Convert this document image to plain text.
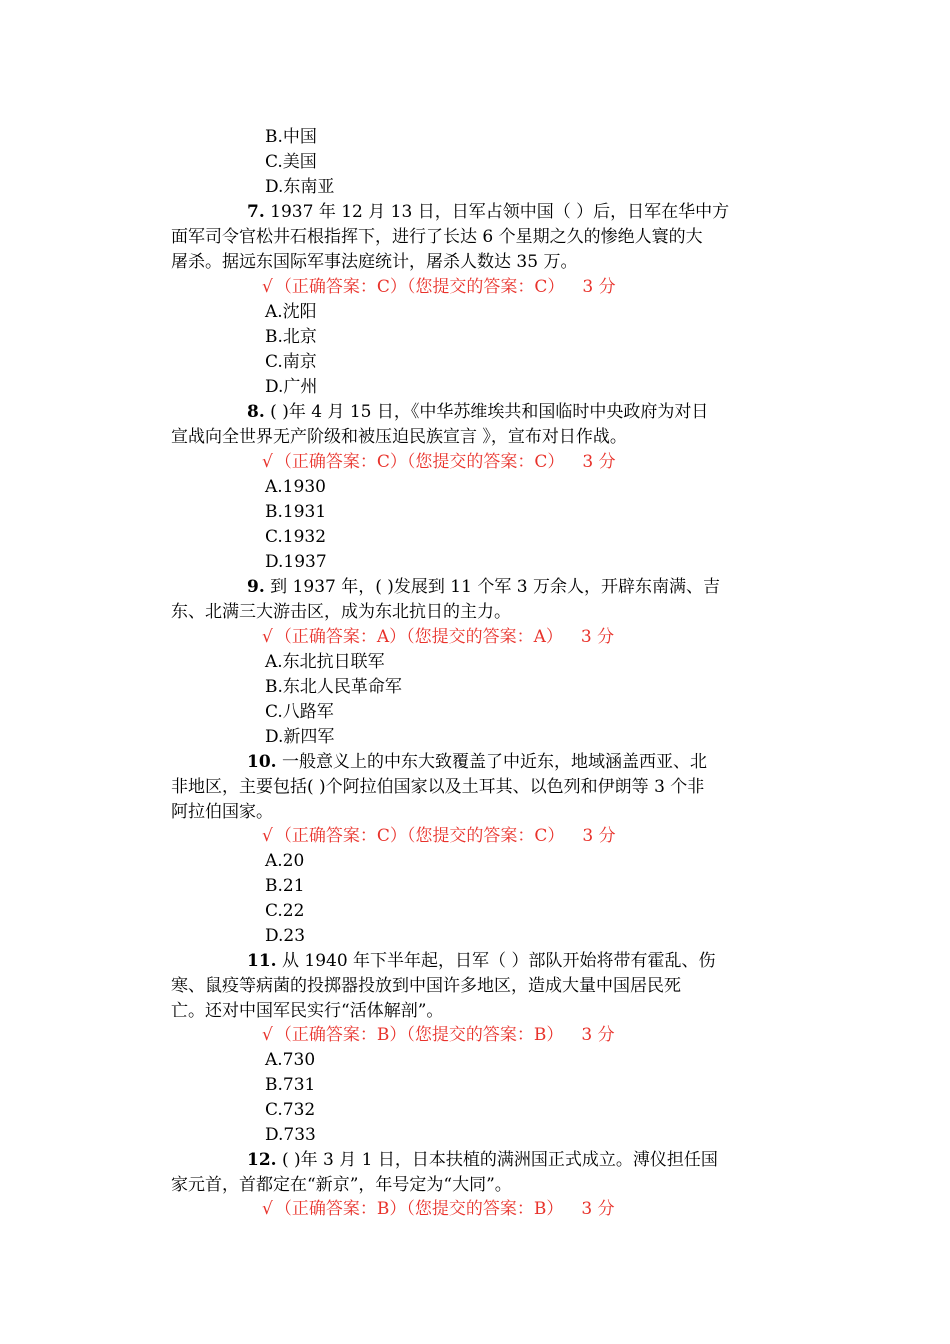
B.中国
C.美国
D.东南亚
7. 1937 年 12 月 13 日，日军占领中国（ ）后，日军在华中方
面军司令官松井石根指挥下，进行了长达 6 个星期之久的惨绝人寰的大
屠杀。据远东国际军事法庭统计，屠杀人数达 35 万。
√ （正确答案：C）（您提交的答案：C） 3 分
A.沈阳
B.北京
C.南京
D.广州
8. ( )年 4 月 15 日，《中华苏维埃共和国临时中央政府为对日
宣战向全世界无产阶级和被压迫民族宣言 》，宣布对日作战。
√ （正确答案：C）（您提交的答案：C） 3 分
A.1930
B.1931
C.1932
D.1937
9. 到 1937 年，( )发展到 11 个军 3 万余人，开辟东南满、吉
东、北满三大游击区，成为东北抗日的主力。
√ （正确答案：A）（您提交的答案：A） 3 分
A.东北抗日联军
B.东北人民革命军
C.八路军
D.新四军
10. 一般意义上的中东大致覆盖了中近东，地域涵盖西亚、北
非地区，主要包括( )个阿拉伯国家以及土耳其、以色列和伊朗等 3 个非
阿拉伯国家。
√ （正确答案：C）（您提交的答案：C） 3 分
A.20
B.21
C.22
D.23
11. 从 1940 年下半年起，日军（ ）部队开始将带有霍乱、伤
寒、鼠疫等病菌的投掷器投放到中国许多地区，造成大量中国居民死
亡。还对中国军民实行“活体解剖”。
√ （正确答案：B）（您提交的答案：B） 3 分
A.730
B.731
C.732
D.733
12. ( )年 3 月 1 日，日本扶植的满洲国正式成立。溥仪担任国
家元首，首都定在“新京”，年号定为“大同”。
√ （正确答案：B）（您提交的答案：B） 3 分
